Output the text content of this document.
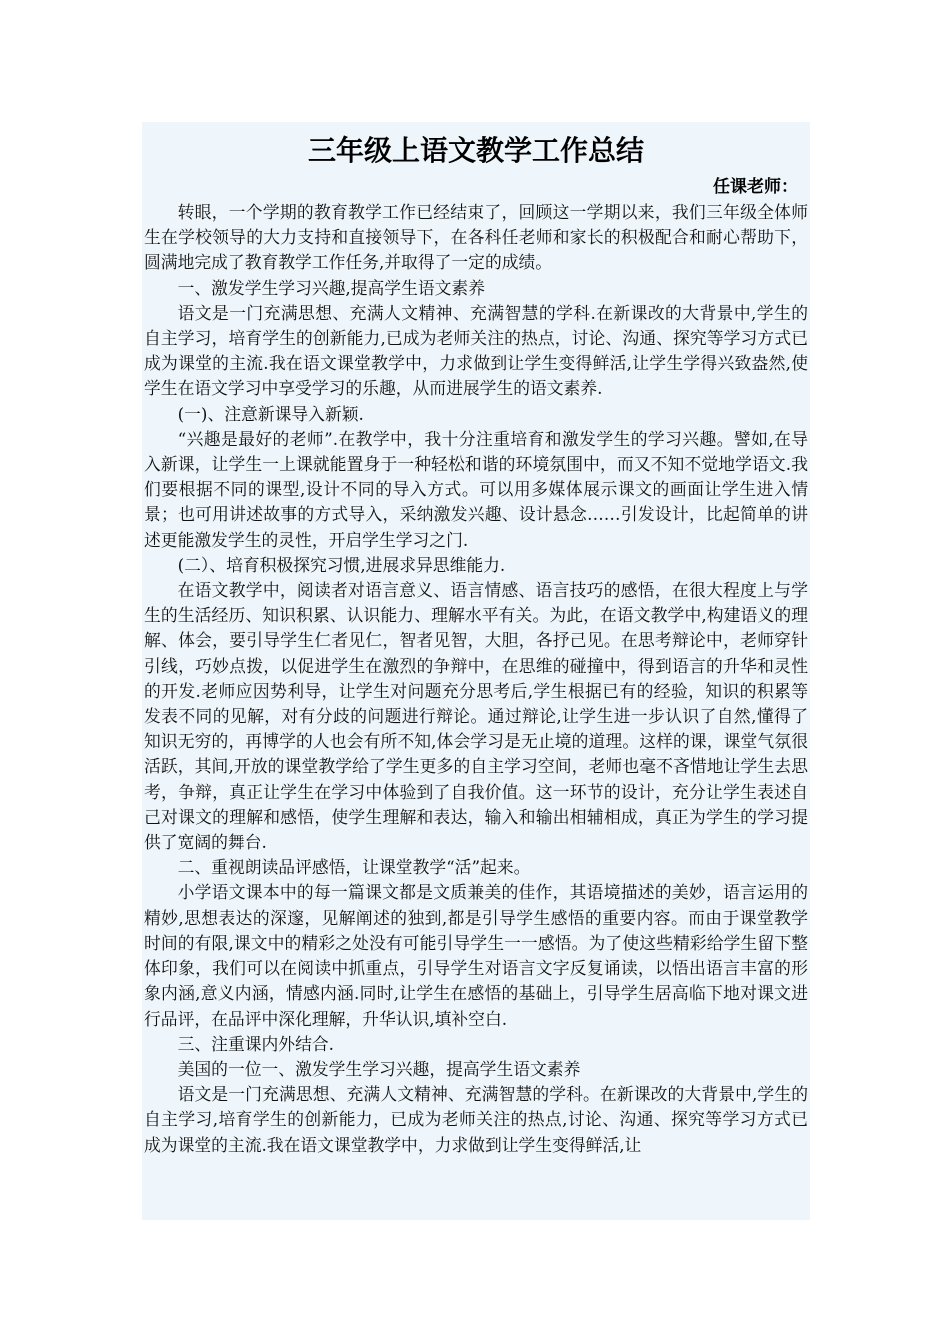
三年级上语文教学工作总结
任课老师：

转眼，一个学期的教育教学工作已经结束了，回顾这一学期以来，我们三年级全体师生在学校领导的大力支持和直接领导下，在各科任老师和家长的积极配合和耐心帮助下，圆满地完成了教育教学工作任务,并取得了一定的成绩。

一、激发学生学习兴趣,提高学生语文素养

语文是一门充满思想、充满人文精神、充满智慧的学科.在新课改的大背景中,学生的自主学习，培育学生的创新能力,已成为老师关注的热点，讨论、沟通、探究等学习方式已成为课堂的主流.我在语文课堂教学中，力求做到让学生变得鲜活,让学生学得兴致盎然,使学生在语文学习中享受学习的乐趣，从而进展学生的语文素养.

(一)、注意新课导入新颖.

“兴趣是最好的老师”.在教学中，我十分注重培育和激发学生的学习兴趣。譬如,在导入新课，让学生一上课就能置身于一种轻松和谐的环境氛围中，而又不知不觉地学语文.我们要根据不同的课型,设计不同的导入方式。可以用多媒体展示课文的画面让学生进入情景；也可用讲述故事的方式导入，采纳激发兴趣、设计悬念……引发设计，比起简单的讲述更能激发学生的灵性，开启学生学习之门.

(二）、培育积极探究习惯,进展求异思维能力.

在语文教学中，阅读者对语言意义、语言情感、语言技巧的感悟，在很大程度上与学生的生活经历、知识积累、认识能力、理解水平有关。为此，在语文教学中,构建语义的理解、体会，要引导学生仁者见仁，智者见智，大胆，各抒己见。在思考辩论中，老师穿针引线，巧妙点拨，以促进学生在激烈的争辩中，在思维的碰撞中，得到语言的升华和灵性的开发.老师应因势利导，让学生对问题充分思考后,学生根据已有的经验，知识的积累等发表不同的见解，对有分歧的问题进行辩论。通过辩论,让学生进一步认识了自然,懂得了知识无穷的，再博学的人也会有所不知,体会学习是无止境的道理。这样的课，课堂气氛很活跃，其间,开放的课堂教学给了学生更多的自主学习空间，老师也毫不吝惜地让学生去思考，争辩，真正让学生在学习中体验到了自我价值。这一环节的设计，充分让学生表述自己对课文的理解和感悟，使学生理解和表达，输入和输出相辅相成，真正为学生的学习提供了宽阔的舞台.

二、重视朗读品评感悟，让课堂教学“活”起来。

小学语文课本中的每一篇课文都是文质兼美的佳作，其语境描述的美妙，语言运用的精妙,思想表达的深邃，见解阐述的独到,都是引导学生感悟的重要内容。而由于课堂教学时间的有限,课文中的精彩之处没有可能引导学生一一感悟。为了使这些精彩给学生留下整体印象，我们可以在阅读中抓重点，引导学生对语言文字反复诵读，以悟出语言丰富的形象内涵,意义内涵，情感内涵.同时,让学生在感悟的基础上，引导学生居高临下地对课文进行品评，在品评中深化理解，升华认识,填补空白.

三、注重课内外结合.

美国的一位一、激发学生学习兴趣，提高学生语文素养

语文是一门充满思想、充满人文精神、充满智慧的学科。在新课改的大背景中,学生的自主学习,培育学生的创新能力，已成为老师关注的热点,讨论、沟通、探究等学习方式已成为课堂的主流.我在语文课堂教学中，力求做到让学生变得鲜活,让
